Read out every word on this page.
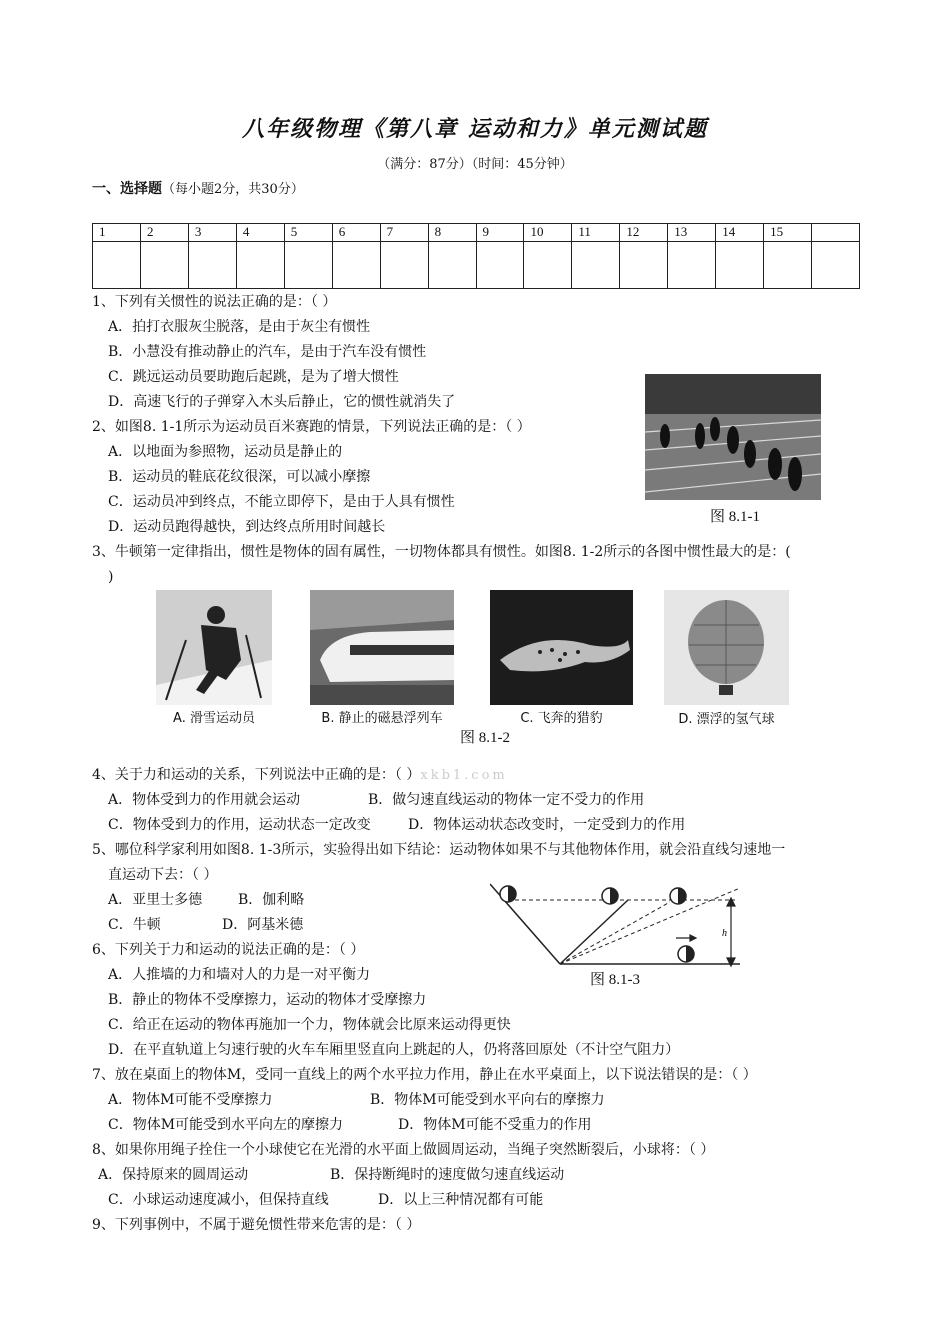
八年级物理《第八章 运动和力》单元测试题
（满分：87分）（时间：45分钟）
一、选择题（每小题2分，共30分）
1	2	3	4	5	6	7	8	9	10	11	12	13	14	15	

1、下列有关惯性的说法正确的是：（ ）
A．拍打衣服灰尘脱落，是由于灰尘有惯性
B．小慧没有推动静止的汽车，是由于汽车没有惯性
C．跳远运动员要助跑后起跳，是为了增大惯性
D．高速飞行的子弹穿入木头后静止，它的惯性就消失了
图 8.1-1
2、如图8. 1-1所示为运动员百米赛跑的情景，下列说法正确的是：（ ）
A．以地面为参照物，运动员是静止的
B．运动员的鞋底花纹很深，可以减小摩擦
C．运动员冲到终点，不能立即停下，是由于人具有惯性
D．运动员跑得越快，到达终点所用时间越长
3、牛顿第一定律指出，惯性是物体的固有属性，一切物体都具有惯性。如图8. 1-2所示的各图中惯性最大的是：(
)
A. 滑雪运动员	B. 静止的磁悬浮列车	C. 飞奔的猎豹	D. 漂浮的氢气球
图 8.1-2
4、关于力和运动的关系，下列说法中正确的是：（ ）xkb1.com
A．物体受到力的作用就会运动	B．做匀速直线运动的物体一定不受力的作用
C．物体受到力的作用，运动状态一定改变	D．物体运动状态改变时，一定受到力的作用
5、哪位科学家利用如图8. 1-3所示，实验得出如下结论：运动物体如果不与其他物体作用，就会沿直线匀速地一
直运动下去：（ ）
A．亚里士多德	B．伽利略
C．牛顿	D．阿基米德
h
图 8.1-3
6、下列关于力和运动的说法正确的是：（ ）
A．人推墙的力和墙对人的力是一对平衡力
B．静止的物体不受摩擦力，运动的物体才受摩擦力
C．给正在运动的物体再施加一个力，物体就会比原来运动得更快
D．在平直轨道上匀速行驶的火车车厢里竖直向上跳起的人，仍将落回原处（不计空气阻力）
7、放在桌面上的物体M，受同一直线上的两个水平拉力作用，静止在水平桌面上，以下说法错误的是：（ ）
A．物体M可能不受摩擦力	B．物体M可能受到水平向右的摩擦力
C．物体M可能受到水平向左的摩擦力	D．物体M可能不受重力的作用
8、如果你用绳子拴住一个小球使它在光滑的水平面上做圆周运动，当绳子突然断裂后，小球将：（ ）
A．保持原来的圆周运动	B．保持断绳时的速度做匀速直线运动
C．小球运动速度减小，但保持直线	D．以上三种情况都有可能
9、下列事例中，不属于避免惯性带来危害的是：（ ）
